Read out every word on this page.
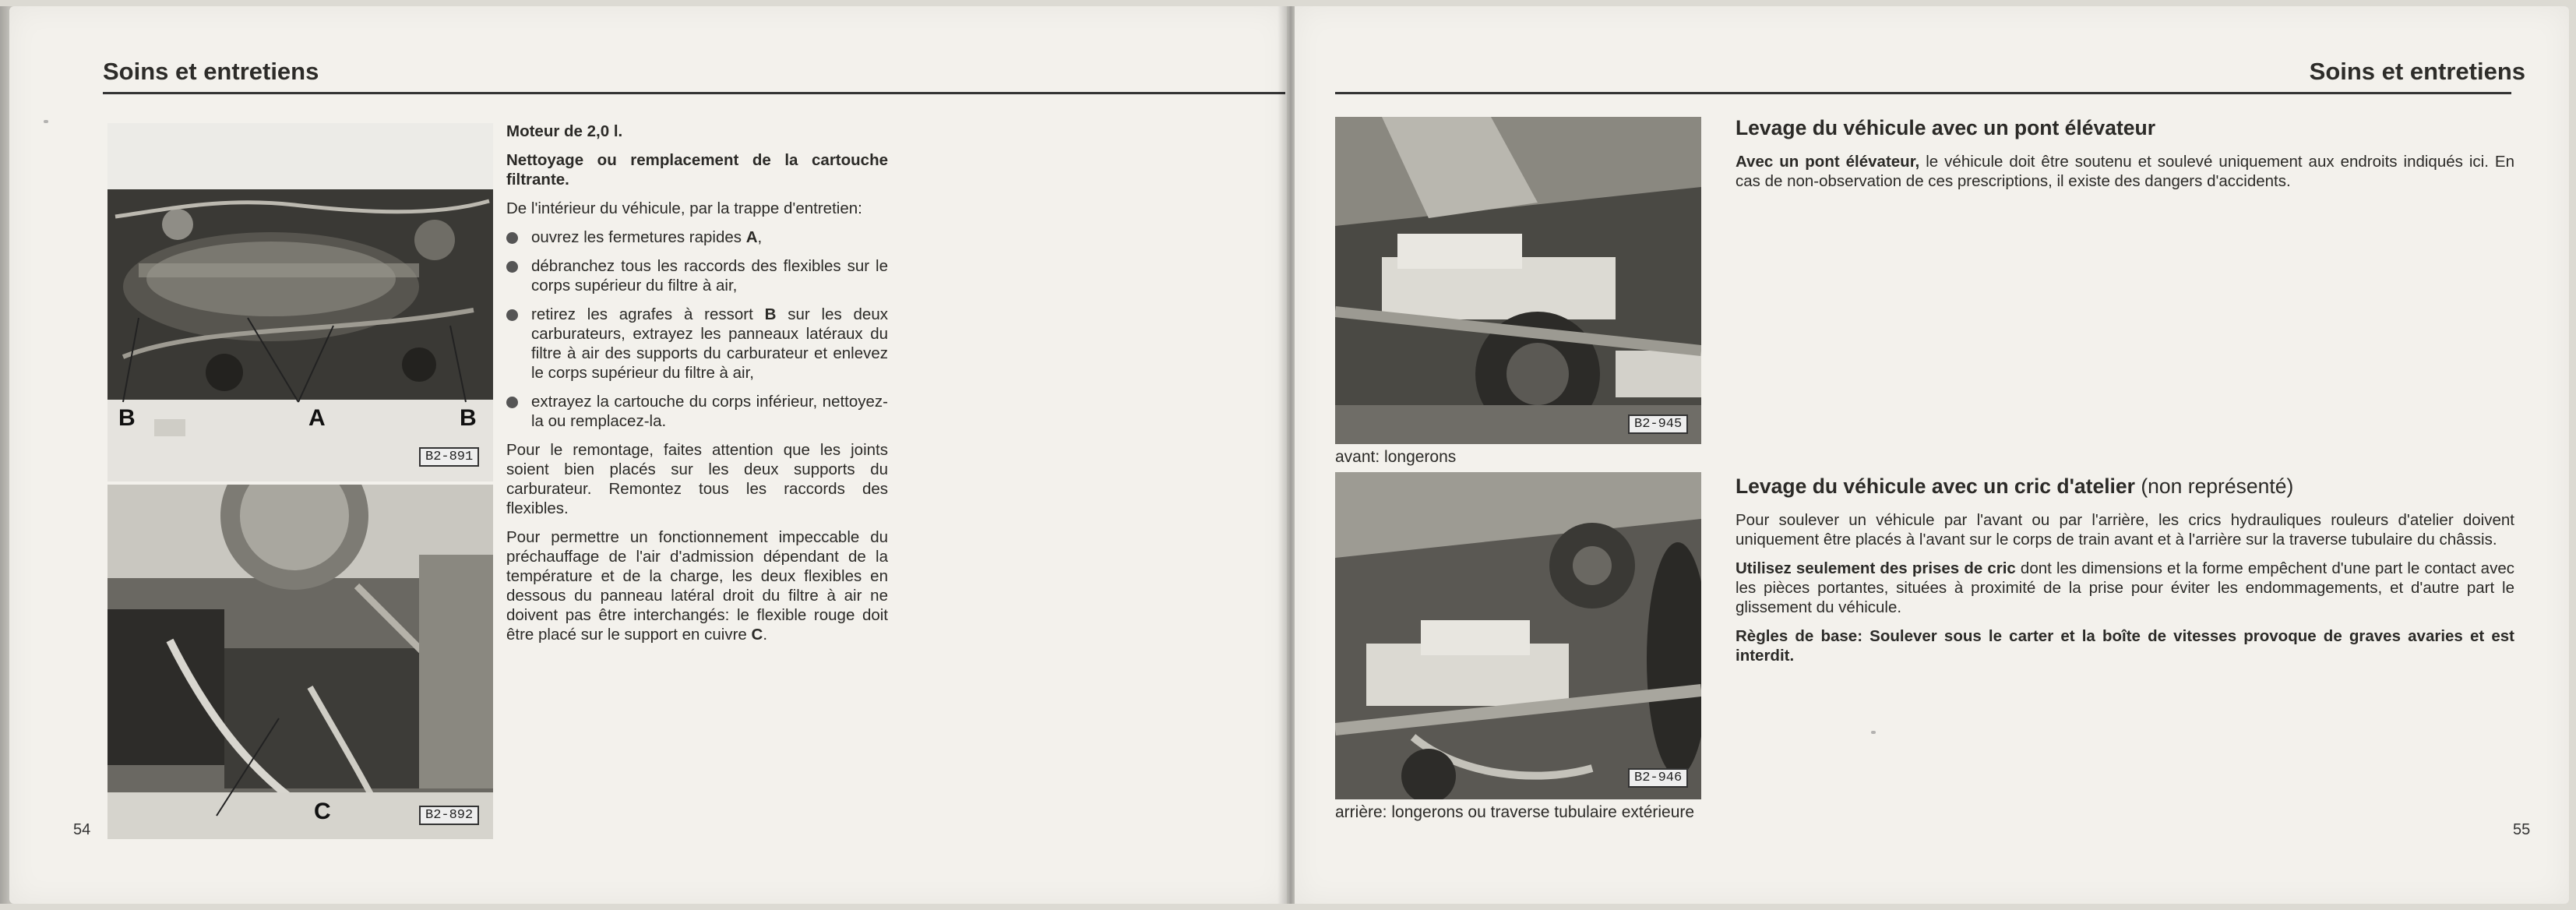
Soins et entretiens
B	A	B
B2-891
C	B2-892

Moteur de 2,0 l.

Nettoyage ou remplacement de la cartouche filtrante.

De l'intérieur du véhicule, par la trappe d'entretien:

ouvrez les fermetures rapides A,
débranchez tous les raccords des flexibles sur le corps supérieur du filtre à air,
retirez les agrafes à ressort B sur les deux carburateurs, extrayez les panneaux latéraux du filtre à air des supports du carburateur et enlevez le corps supérieur du filtre à air,
extrayez la cartouche du corps inférieur, nettoyez-la ou remplacez-la.

Pour le remontage, faites attention que les joints soient bien placés sur les deux supports du carburateur. Remontez tous les raccords des flexibles.

Pour permettre un fonctionnement impeccable du préchauffage de l'air d'admission dépendant de la température et de la charge, les deux flexibles en dessous du panneau latéral droit du filtre à air ne doivent pas être interchangés: le flexible rouge doit être placé sur le support en cuivre C.

54
Soins et entretiens
B2-945
avant: longerons
B2-946
arrière: longerons ou traverse tubulaire extérieure
Levage du véhicule avec un pont élévateur

Avec un pont élévateur, le véhicule doit être soutenu et soulevé uniquement aux endroits indiqués ici. En cas de non-observation de ces prescriptions, il existe des dangers d'accidents.

Levage du véhicule avec un cric d'atelier (non représenté)

Pour soulever un véhicule par l'avant ou par l'arrière, les crics hydrauliques rouleurs d'atelier doivent uniquement être placés à l'avant sur le corps de train avant et à l'arrière sur la traverse tubulaire du châssis.

Utilisez seulement des prises de cric dont les dimensions et la forme empêchent d'une part le contact avec les pièces portantes, situées à proximité de la prise pour éviter les endommagements, et d'autre part le glissement du véhicule.

Règles de base: Soulever sous le carter et la boîte de vitesses provoque de graves avaries et est interdit.

55
